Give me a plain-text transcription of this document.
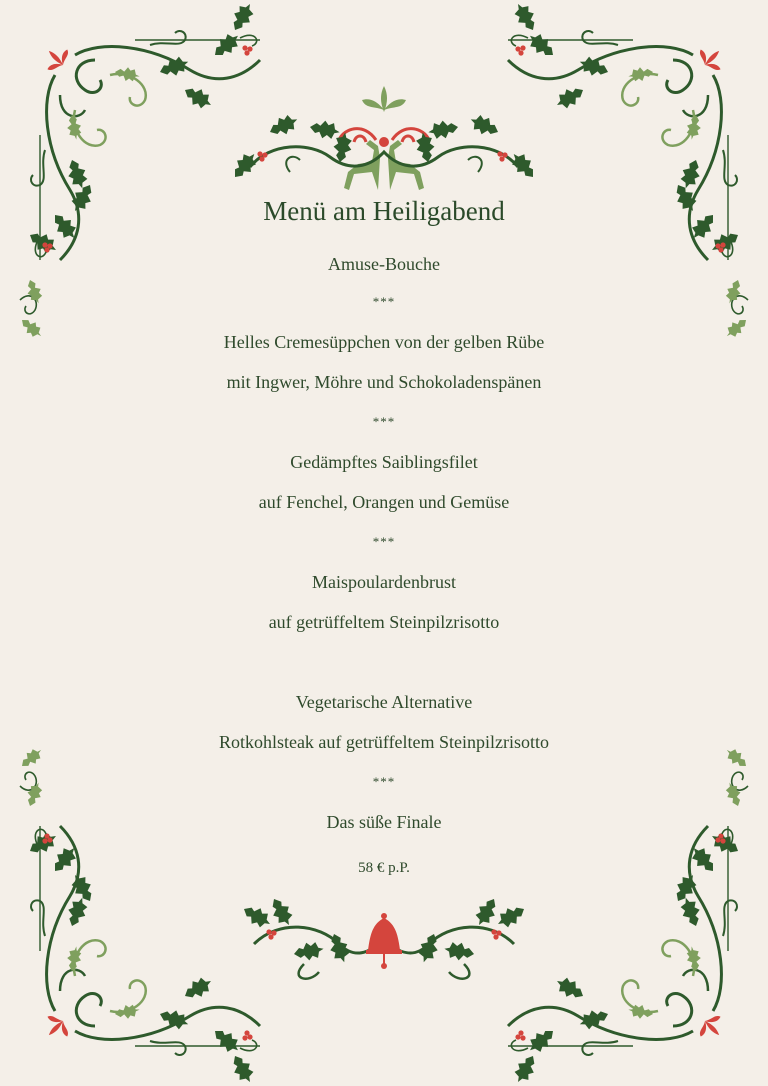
Menü am Heiligabend
Amuse-Bouche
***
Helles Cremesüppchen von der gelben Rübe
mit Ingwer, Möhre und Schokoladenspänen
***
Gedämpftes Saiblingsfilet
auf Fenchel, Orangen und Gemüse
***
Maispoulardenbrust
auf getrüffeltem Steinpilzrisotto
Vegetarische Alternative
Rotkohlsteak auf getrüffeltem Steinpilzrisotto
***
Das süße Finale
58 € p.P.
